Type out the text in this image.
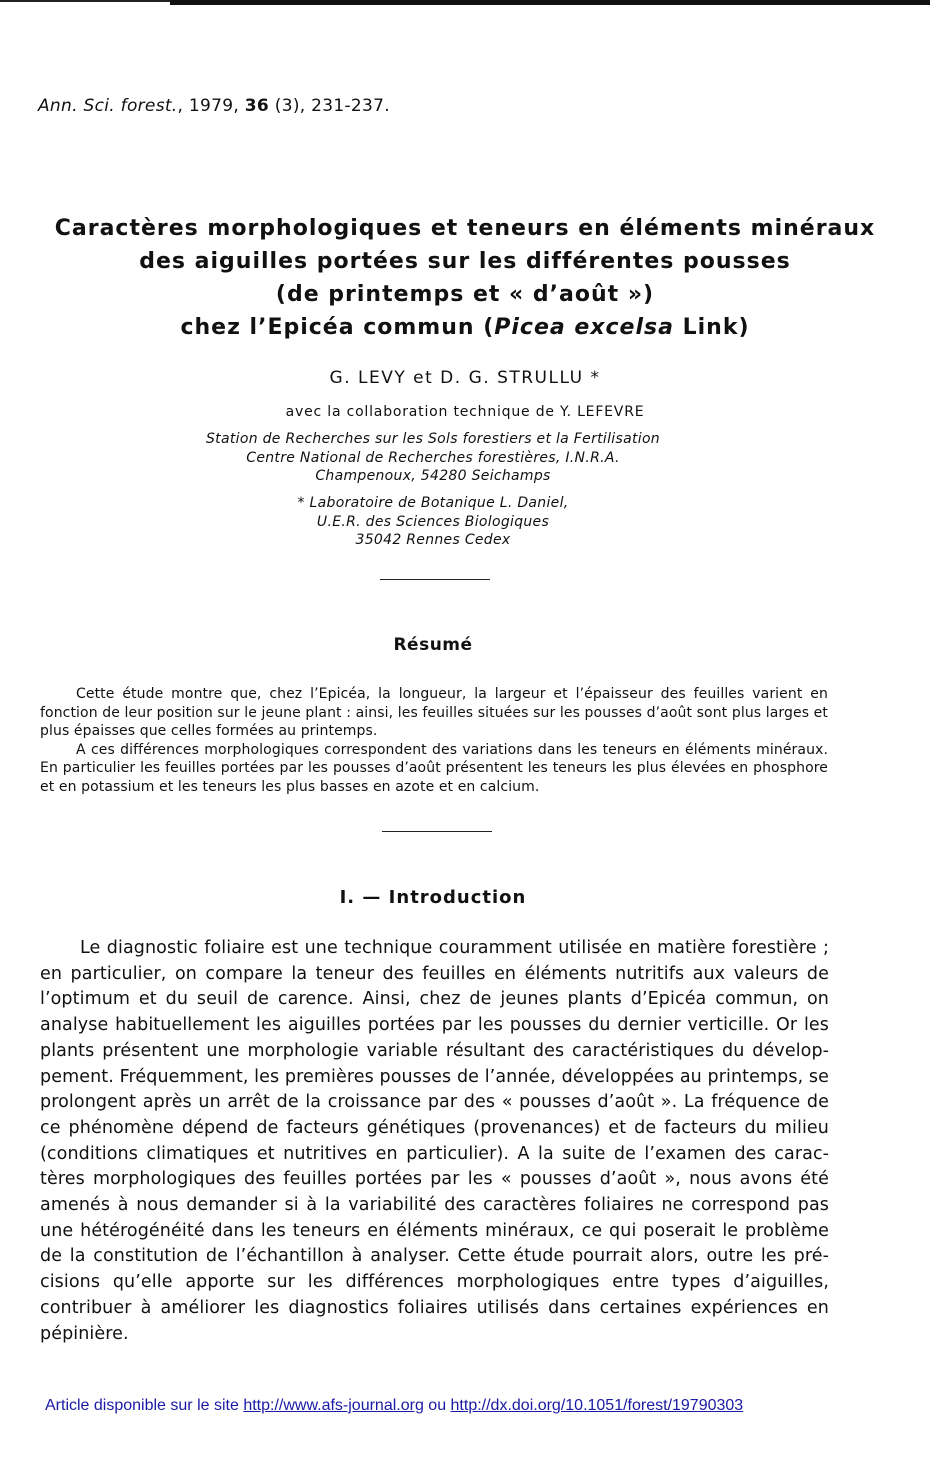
Ann. Sci. forest., 1979, 36 (3), 231-237.
Caractères morphologiques et teneurs en éléments minéraux
des aiguilles portées sur les différentes pousses
(de printemps et « d’août »)
chez l’Epicéa commun (Picea excelsa Link)
G. LEVY et D. G. STRULLU *
avec la collaboration technique de Y. LEFEVRE
Station de Recherches sur les Sols forestiers et la Fertilisation
Centre National de Recherches forestières, I.N.R.A.
Champenoux, 54280 Seichamps
* Laboratoire de Botanique L. Daniel,
U.E.R. des Sciences Biologiques
35042 Rennes Cedex
Résumé

Cette étude montre que, chez l’Epicéa, la longueur, la largeur et l’épaisseur des feuilles varient en fonction de leur position sur le jeune plant : ainsi, les feuilles situées sur les pousses d’août sont plus larges et plus épaisses que celles formées au printemps.

A ces différences morphologiques correspondent des variations dans les teneurs en éléments minéraux. En particulier les feuilles portées par les pousses d’août présentent les teneurs les plus élevées en phosphore et en potassium et les teneurs les plus basses en azote et en calcium.

I. — Introduction

Le diagnostic foliaire est une technique couramment utilisée en matière forestière ; en particulier, on compare la teneur des feuilles en éléments nutritifs aux valeurs de l’optimum et du seuil de carence. Ainsi, chez de jeunes plants d’Epicéa commun, on analyse habituellement les aiguilles portées par les pousses du dernier verticille. Or les plants présentent une morphologie variable résultant des caractéristiques du développement. Fréquemment, les premières pousses de l’année, développées au printemps, se prolongent après un arrêt de la croissance par des « pousses d’août ». La fréquence de ce phénomène dépend de facteurs génétiques (provenances) et de facteurs du milieu (conditions climatiques et nutritives en particulier). A la suite de l’examen des caractères morphologiques des feuilles portées par les « pousses d’août », nous avons été amenés à nous demander si à la variabilité des caractères foliaires ne correspond pas une hétérogénéité dans les teneurs en éléments minéraux, ce qui poserait le problème de la constitution de l’échantillon à analyser. Cette étude pourrait alors, outre les précisions qu’elle apporte sur les différences morphologiques entre types d’aiguilles, contribuer à améliorer les diagnostics foliaires utilisés dans certaines expériences en pépinière.

Article disponible sur le site http://www.afs-journal.org ou http://dx.doi.org/10.1051/forest/19790303
